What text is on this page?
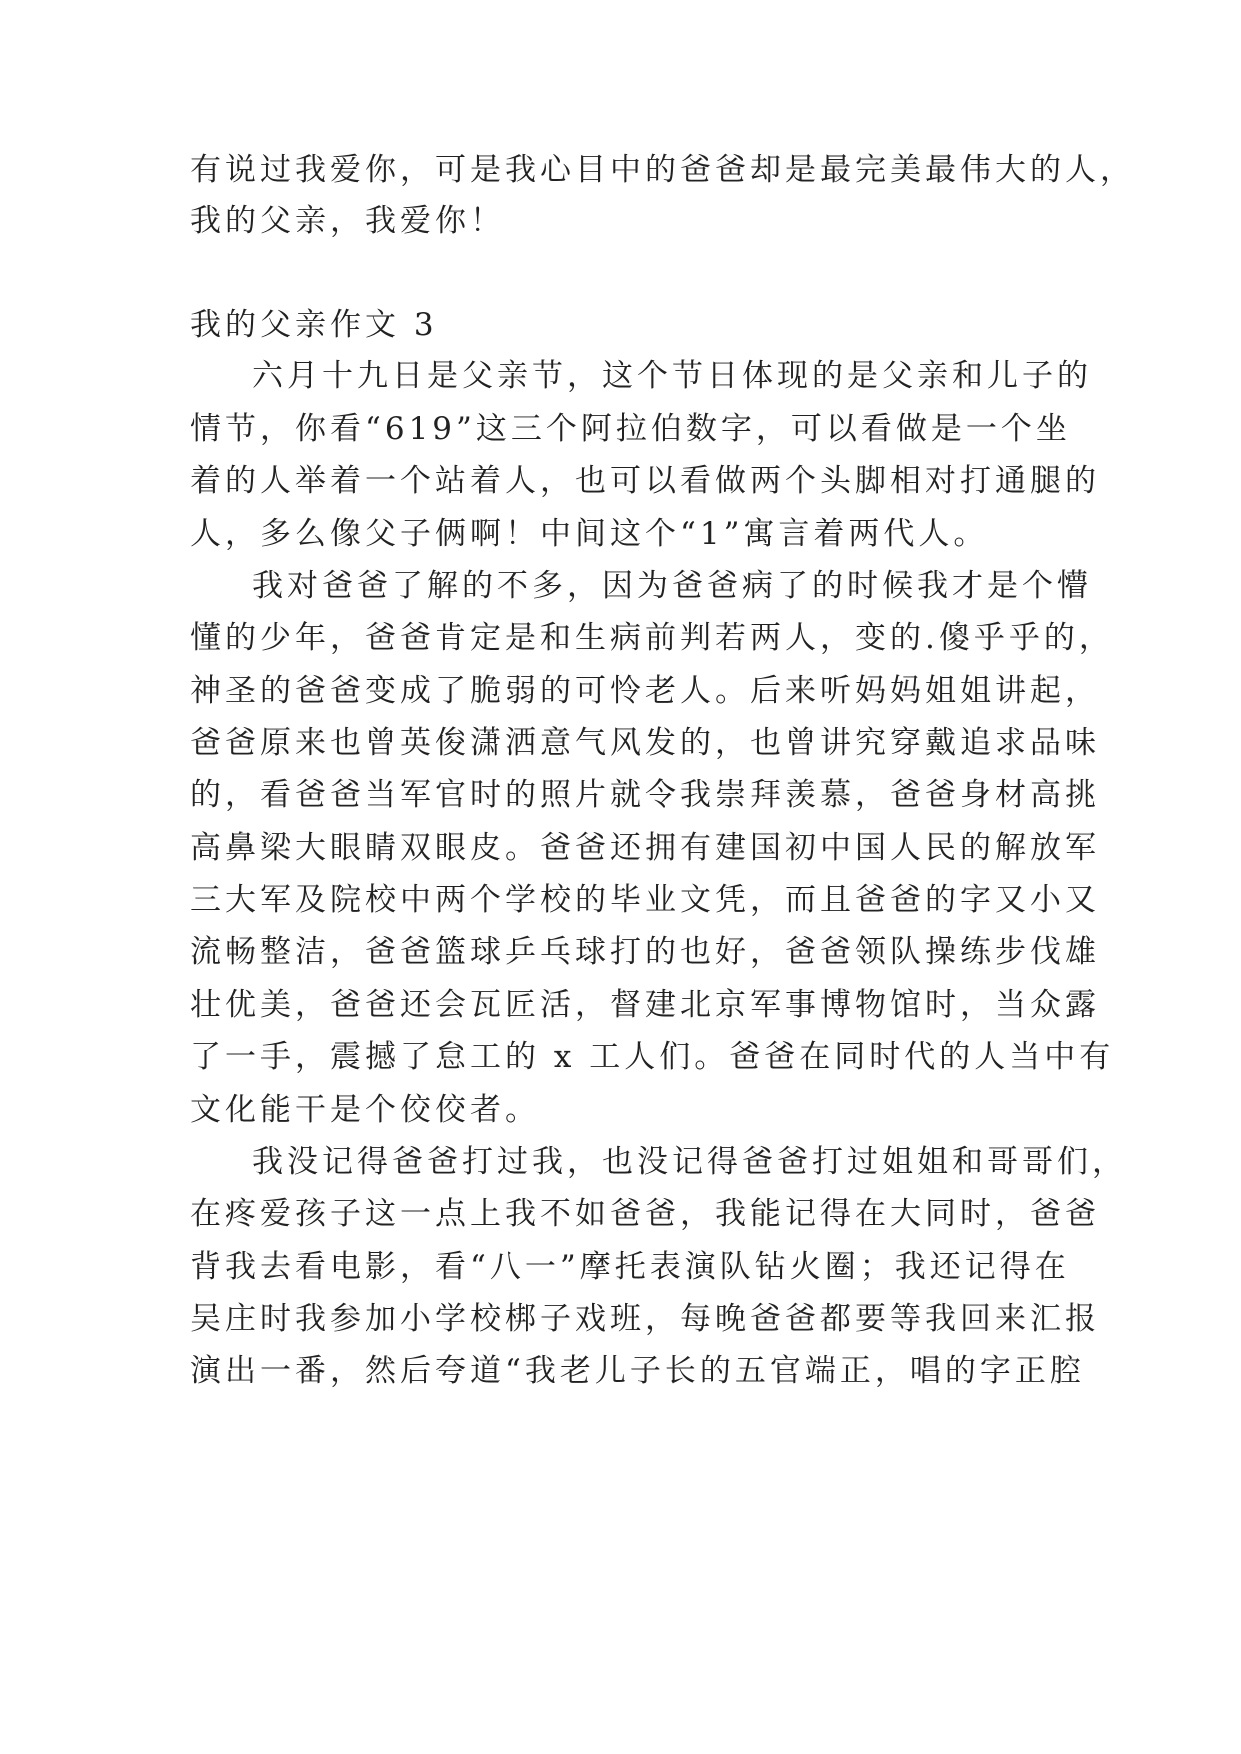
有说过我爱你，可是我心目中的爸爸却是最完美最伟大的人，
我的父亲，我爱你！
我的父亲作文 3
六月十九日是父亲节，这个节日体现的是父亲和儿子的
情节，你看“619”这三个阿拉伯数字，可以看做是一个坐
着的人举着一个站着人，也可以看做两个头脚相对打通腿的
人，多么像父子俩啊！中间这个“1”寓言着两代人。
我对爸爸了解的不多，因为爸爸病了的时候我才是个懵
懂的少年，爸爸肯定是和生病前判若两人，变的.傻乎乎的，
神圣的爸爸变成了脆弱的可怜老人。后来听妈妈姐姐讲起，
爸爸原来也曾英俊潇洒意气风发的，也曾讲究穿戴追求品味
的，看爸爸当军官时的照片就令我崇拜羡慕，爸爸身材高挑
高鼻梁大眼睛双眼皮。爸爸还拥有建国初中国人民的解放军
三大军及院校中两个学校的毕业文凭，而且爸爸的字又小又
流畅整洁，爸爸篮球乒乓球打的也好，爸爸领队操练步伐雄
壮优美，爸爸还会瓦匠活，督建北京军事博物馆时，当众露
了一手，震撼了怠工的 x 工人们。爸爸在同时代的人当中有
文化能干是个佼佼者。
我没记得爸爸打过我，也没记得爸爸打过姐姐和哥哥们，
在疼爱孩子这一点上我不如爸爸，我能记得在大同时，爸爸
背我去看电影，看“八一”摩托表演队钻火圈；我还记得在
吴庄时我参加小学校梆子戏班，每晚爸爸都要等我回来汇报
演出一番，然后夸道“我老儿子长的五官端正，唱的字正腔
